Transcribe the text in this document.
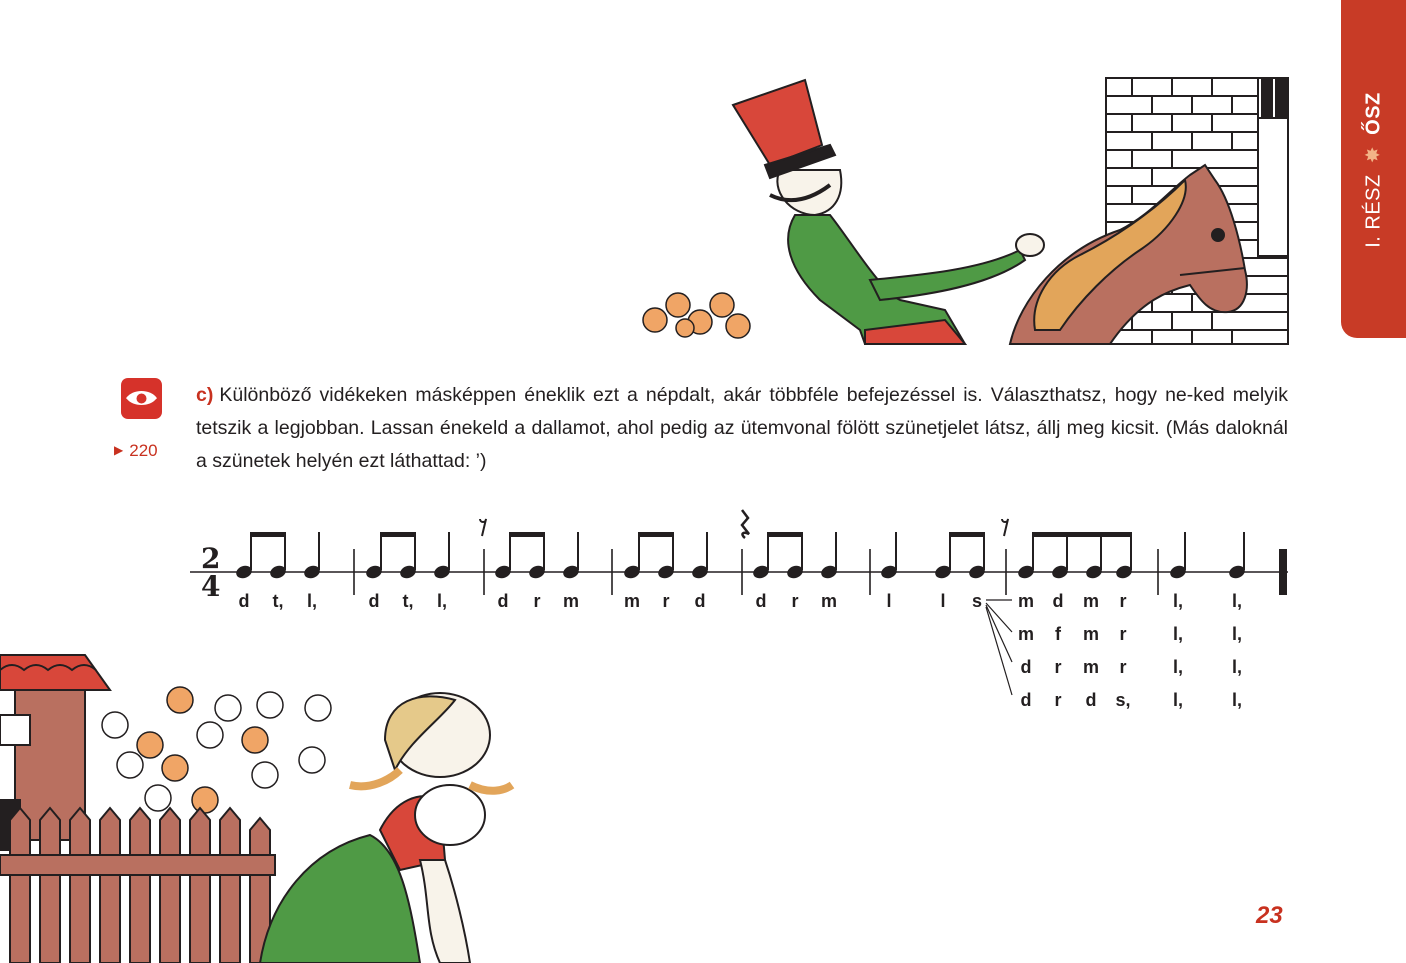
I. RÉSZ ✸ ŐSZ
▶ 220

c) Különböző vidékeken másképpen éneklik ezt a népdalt, akár többféle befejezéssel is. Választhatsz, hogy ne-ked melyik tetszik a legjobban. Lassan énekeld a dallamot, ahol pedig az ütemvonal fölött szünetjelet látsz, állj meg kicsit. (Más daloknál a szünetek helyén ezt láthattad: ’)

2
4 d t, l,	d t, l,	d r m m r d	d r m	l	l s m d m r	l,	l,
m f m r	l,	l,
d r m r	l,	l,
d r d s, l,	l,
23
